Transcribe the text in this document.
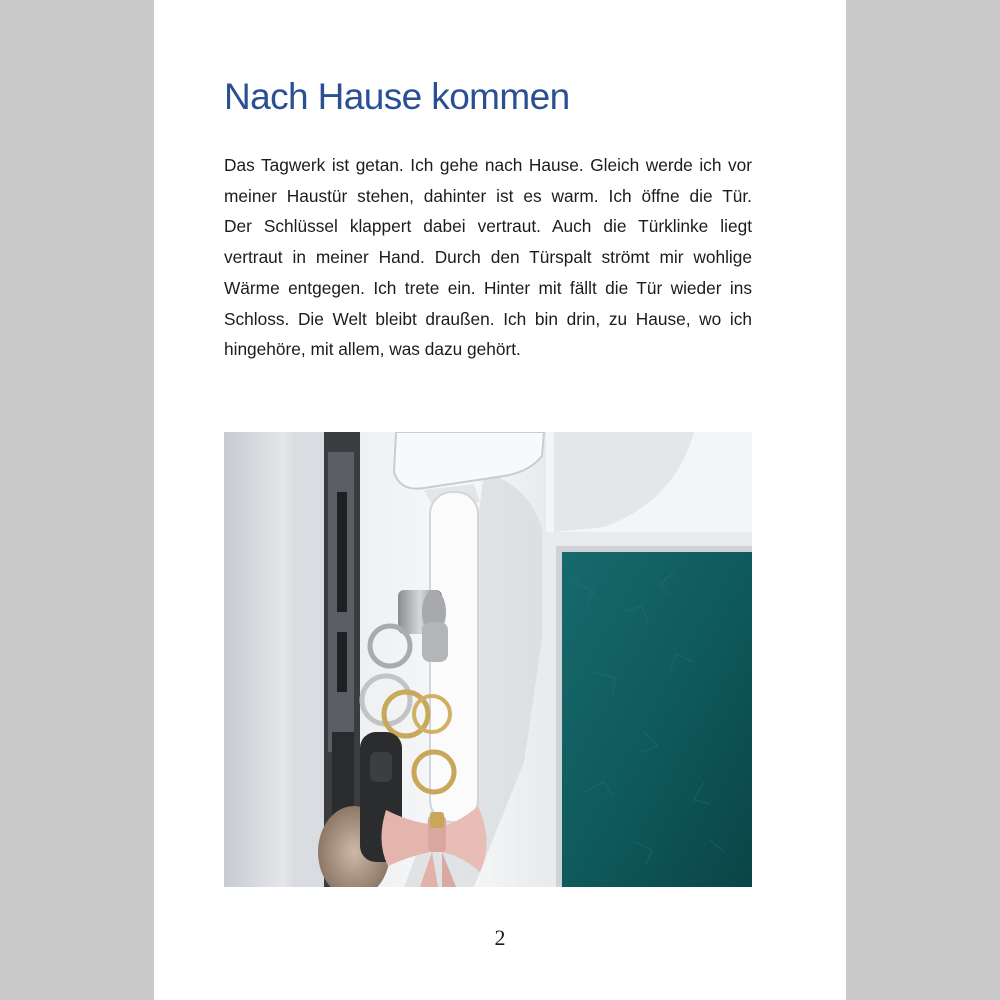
Nach Hause kommen
Das Tagwerk ist getan. Ich gehe nach Hause. Gleich werde ich vor
meiner Haustür stehen, dahinter ist es warm. Ich öffne die Tür.
Der Schlüssel klappert dabei vertraut. Auch die Türklinke liegt
vertraut in meiner Hand. Durch den Türspalt strömt mir wohlige
Wärme entgegen. Ich trete ein. Hinter mit fällt die Tür wieder ins
Schloss. Die Welt bleibt draußen. Ich bin drin, zu Hause, wo ich
hingehöre, mit allem, was dazu gehört.
2
